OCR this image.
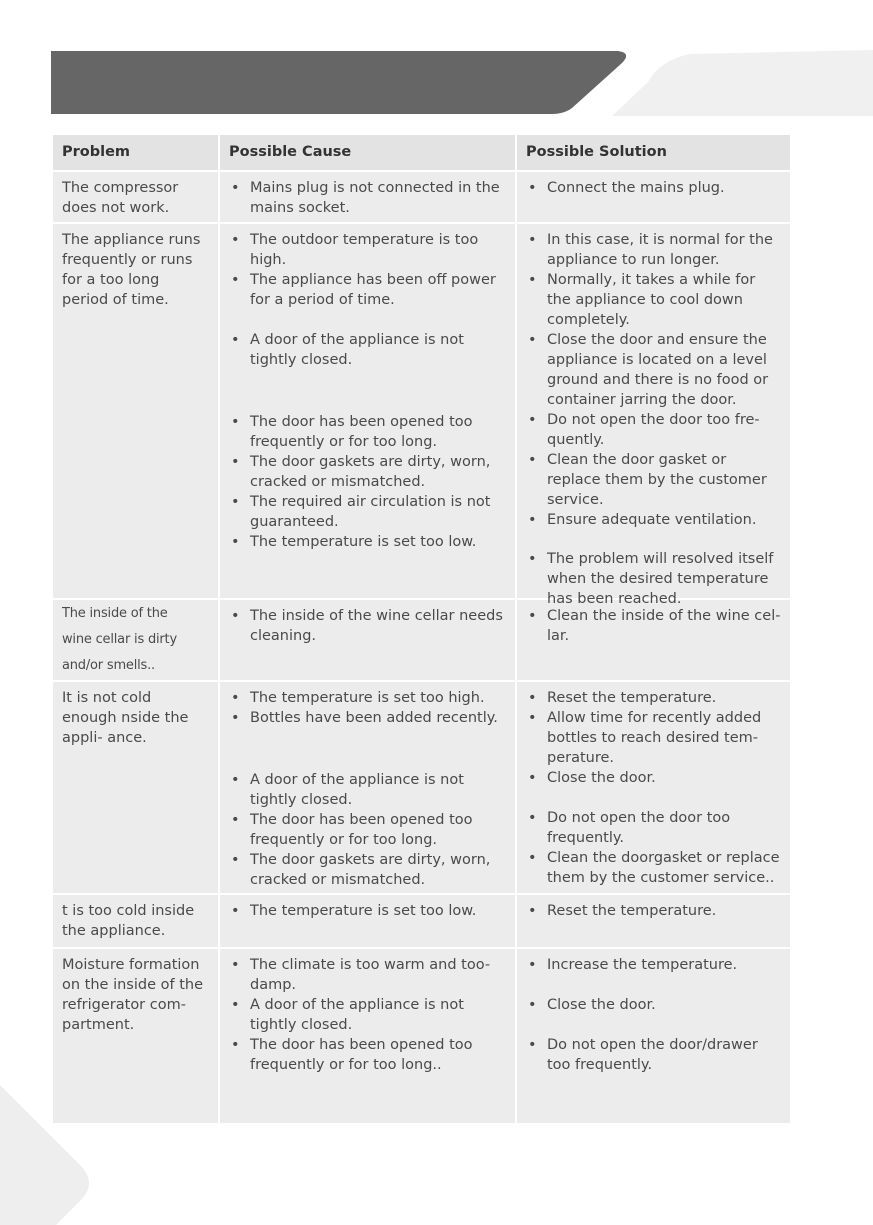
Problem	Possible Cause	Possible Solution
The compressor does not work.
• Mains plug is not connected in the mains socket.
• Connect the mains plug.
The appliance runs frequently or runs for a too long period of time.
• The outdoor temperature is too high.
• The appliance has been off power for a period of time.
• A door of the appliance is not tightly closed.
• The door has been opened too frequently or for too long.
• The door gaskets are dirty, worn, cracked or mismatched.
• The required air circulation is not guaranteed.
• The temperature is set too low.
• In this case, it is normal for the appliance to run longer.
• Normally, it takes a while for the appliance to cool down completely.
• Close the door and ensure the appliance is located on a level ground and there is no food or container jarring the door.
• Do not open the door too fre- quently.
• Clean the door gasket or replace them by the customer service.
• Ensure adequate ventilation.
• The problem will resolved itself when the desired temperature has been reached.
The inside of the wine cellar is dirty and/or smells..
• The inside of the wine cellar needs cleaning.
• Clean the inside of the wine cel- lar.
It is not cold enough nside the appli- ance.
• The temperature is set too high.
• Bottles have been added recently.
• A door of the appliance is not tightly closed.
• The door has been opened too frequently or for too long.
• The door gaskets are dirty, worn, cracked or mismatched.
• Reset the temperature.
• Allow time for recently added bottles to reach desired tem- perature.
• Close the door.
• Do not open the door too frequently.
• Clean the doorgasket or replace them by the customer service..
t is too cold inside the appliance.
• The temperature is set too low.
•	Reset the temperature.
Moisture formation on the inside of the refrigerator com- partment.
• The climate is too warm and too- damp.
• A door of the appliance is not tightly closed.
• The door has been opened too frequently or for too long..
• Increase the temperature.
• Close the door.
• Do not open the door/drawer too frequently.
